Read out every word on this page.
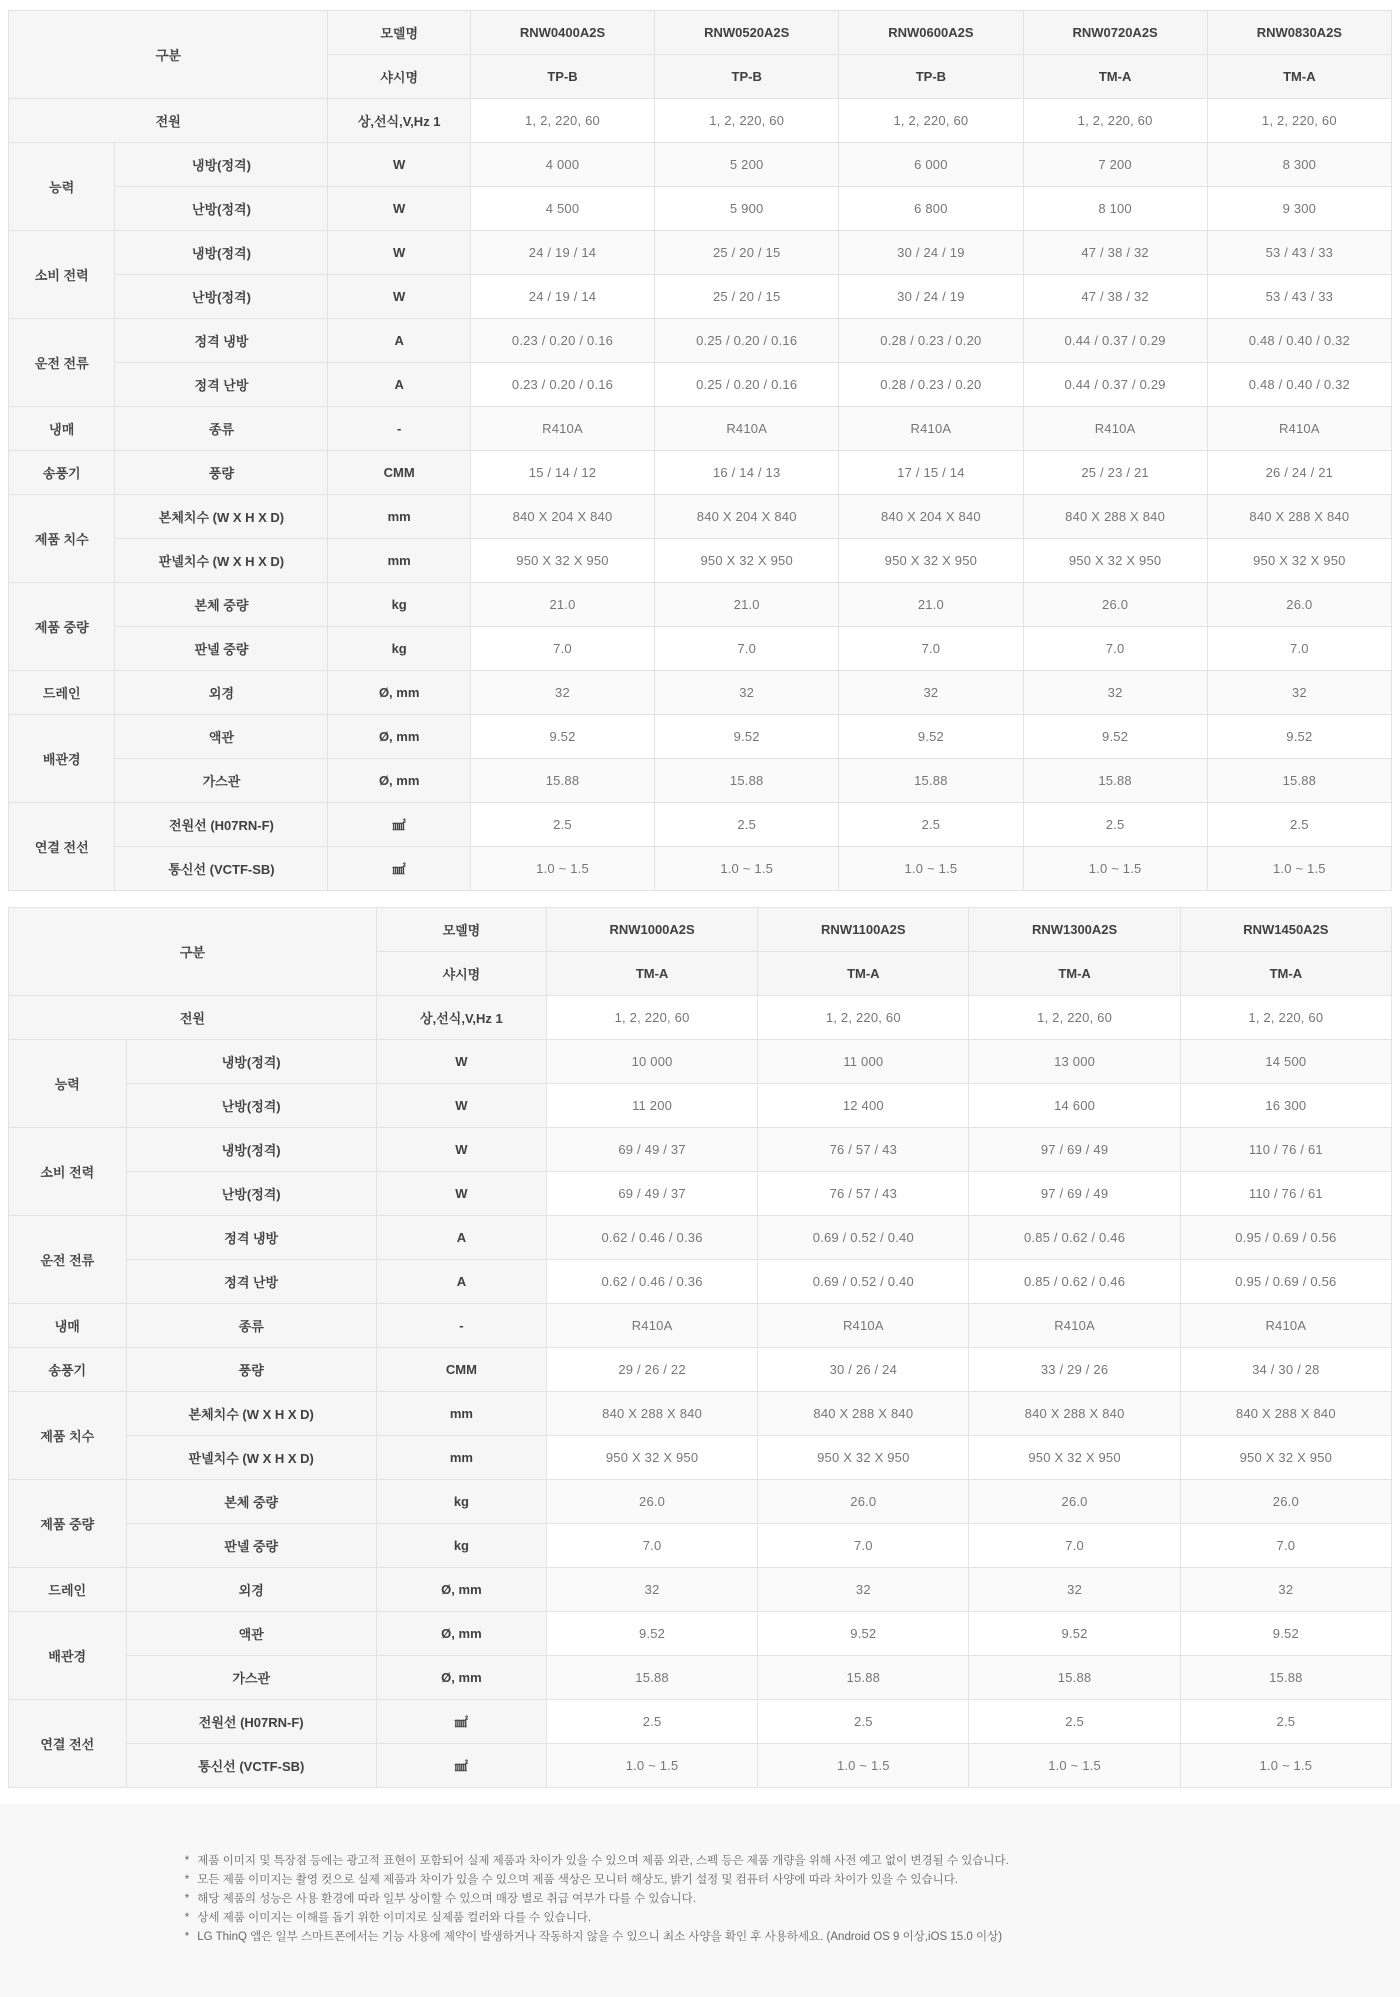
구분		모델명	RNW0400A2S	RNW0520A2S	RNW0600A2S	RNW0720A2S	RNW0830A2S
		샤시명	TP-B	TP-B	TP-B	TM-A	TM-A
전원		상,선식,V,Hz 1	1, 2, 220, 60	1, 2, 220, 60	1, 2, 220, 60	1, 2, 220, 60	1, 2, 220, 60
능력	냉방(정격)	W	4 000	5 200	6 000	7 200	8 300
	난방(정격)	W	4 500	5 900	6 800	8 100	9 300
소비 전력	냉방(정격)	W	24 / 19 / 14	25 / 20 / 15	30 / 24 / 19	47 / 38 / 32	53 / 43 / 33
	난방(정격)	W	24 / 19 / 14	25 / 20 / 15	30 / 24 / 19	47 / 38 / 32	53 / 43 / 33
운전 전류	정격 냉방	A	0.23 / 0.20 / 0.16	0.25 / 0.20 / 0.16	0.28 / 0.23 / 0.20	0.44 / 0.37 / 0.29	0.48 / 0.40 / 0.32
	정격 난방	A	0.23 / 0.20 / 0.16	0.25 / 0.20 / 0.16	0.28 / 0.23 / 0.20	0.44 / 0.37 / 0.29	0.48 / 0.40 / 0.32
냉매	종류	-	R410A	R410A	R410A	R410A	R410A
송풍기	풍량	CMM	15 / 14 / 12	16 / 14 / 13	17 / 15 / 14	25 / 23 / 21	26 / 24 / 21
제품 치수	본체치수 (W X H X D)	mm	840 X 204 X 840	840 X 204 X 840	840 X 204 X 840	840 X 288 X 840	840 X 288 X 840
	판넬치수 (W X H X D)	mm	950 X 32 X 950	950 X 32 X 950	950 X 32 X 950	950 X 32 X 950	950 X 32 X 950
제품 중량	본체 중량	kg	21.0	21.0	21.0	26.0	26.0
	판넬 중량	kg	7.0	7.0	7.0	7.0	7.0
드레인	외경	Ø, mm	32	32	32	32	32
배관경	액관	Ø, mm	9.52	9.52	9.52	9.52	9.52
	가스관	Ø, mm	15.88	15.88	15.88	15.88	15.88
연결 전선	전원선 (H07RN-F)	㎟	2.5	2.5	2.5	2.5	2.5
	통신선 (VCTF-SB)	㎟	1.0 ~ 1.5	1.0 ~ 1.5	1.0 ~ 1.5	1.0 ~ 1.5	1.0 ~ 1.5
구분		모델명	RNW1000A2S	RNW1100A2S	RNW1300A2S	RNW1450A2S
		샤시명	TM-A	TM-A	TM-A	TM-A
전원		상,선식,V,Hz 1	1, 2, 220, 60	1, 2, 220, 60	1, 2, 220, 60	1, 2, 220, 60
능력	냉방(정격)	W	10 000	11 000	13 000	14 500
	난방(정격)	W	11 200	12 400	14 600	16 300
소비 전력	냉방(정격)	W	69 / 49 / 37	76 / 57 / 43	97 / 69 / 49	110 / 76 / 61
	난방(정격)	W	69 / 49 / 37	76 / 57 / 43	97 / 69 / 49	110 / 76 / 61
운전 전류	정격 냉방	A	0.62 / 0.46 / 0.36	0.69 / 0.52 / 0.40	0.85 / 0.62 / 0.46	0.95 / 0.69 / 0.56
	정격 난방	A	0.62 / 0.46 / 0.36	0.69 / 0.52 / 0.40	0.85 / 0.62 / 0.46	0.95 / 0.69 / 0.56
냉매	종류	-	R410A	R410A	R410A	R410A
송풍기	풍량	CMM	29 / 26 / 22	30 / 26 / 24	33 / 29 / 26	34 / 30 / 28
제품 치수	본체치수 (W X H X D)	mm	840 X 288 X 840	840 X 288 X 840	840 X 288 X 840	840 X 288 X 840
	판넬치수 (W X H X D)	mm	950 X 32 X 950	950 X 32 X 950	950 X 32 X 950	950 X 32 X 950
제품 중량	본체 중량	kg	26.0	26.0	26.0	26.0
	판넬 중량	kg	7.0	7.0	7.0	7.0
드레인	외경	Ø, mm	32	32	32	32
배관경	액관	Ø, mm	9.52	9.52	9.52	9.52
	가스관	Ø, mm	15.88	15.88	15.88	15.88
연결 전선	전원선 (H07RN-F)	㎟	2.5	2.5	2.5	2.5
	통신선 (VCTF-SB)	㎟	1.0 ~ 1.5	1.0 ~ 1.5	1.0 ~ 1.5	1.0 ~ 1.5
* 제품 이미지 및 특장점 등에는 광고적 표현이 포함되어 실제 제품과 차이가 있을 수 있으며 제품 외관, 스펙 등은 제품 개량을 위해 사전 예고 없이 변경될 수 있습니다.
* 모든 제품 이미지는 촬영 컷으로 실제 제품과 차이가 있을 수 있으며 제품 색상은 모니터 해상도, 밝기 설정 및 컴퓨터 사양에 따라 차이가 있을 수 있습니다.
* 해당 제품의 성능은 사용 환경에 따라 일부 상이할 수 있으며 매장 별로 취급 여부가 다를 수 있습니다.
* 상세 제품 이미지는 이해를 돕기 위한 이미지로 실제품 컬러와 다를 수 있습니다.
* LG ThinQ 앱은 일부 스마트폰에서는 기능 사용에 제약이 발생하거나 작동하지 않을 수 있으니 최소 사양을 확인 후 사용하세요. (Android OS 9 이상,iOS 15.0 이상)
